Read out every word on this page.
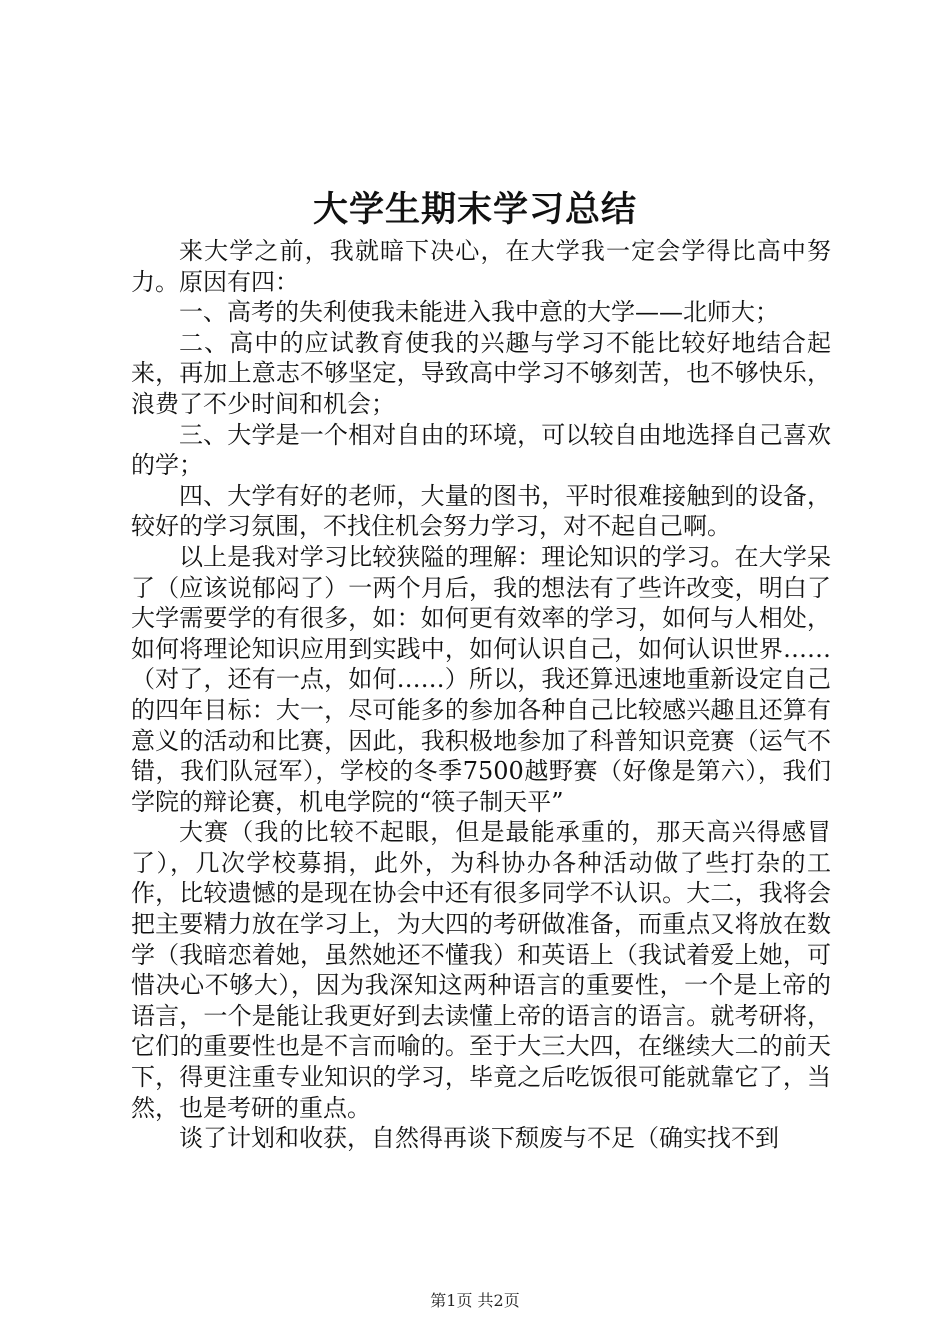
大学生期末学习总结

来大学之前，我就暗下决心，在大学我一定会学得比高中努力。原因有四：

一、高考的失利使我未能进入我中意的大学——北师大；

二、高中的应试教育使我的兴趣与学习不能比较好地结合起来，再加上意志不够坚定，导致高中学习不够刻苦，也不够快乐，浪费了不少时间和机会；

三、大学是一个相对自由的环境，可以较自由地选择自己喜欢的学；

四、大学有好的老师，大量的图书，平时很难接触到的设备，较好的学习氛围，不找住机会努力学习，对不起自己啊。

以上是我对学习比较狭隘的理解：理论知识的学习。在大学呆了（应该说郁闷了）一两个月后，我的想法有了些许改变，明白了大学需要学的有很多，如：如何更有效率的学习，如何与人相处，如何将理论知识应用到实践中，如何认识自己，如何认识世界……（对了，还有一点，如何……）所以，我还算迅速地重新设定自己的四年目标：大一，尽可能多的参加各种自己比较感兴趣且还算有意义的活动和比赛，因此，我积极地参加了科普知识竞赛（运气不错，我们队冠军），学校的冬季7500越野赛（好像是第六），我们学院的辩论赛，机电学院的“筷子制天平”

大赛（我的比较不起眼，但是最能承重的，那天高兴得感冒了），几次学校募捐，此外，为科协办各种活动做了些打杂的工作，比较遗憾的是现在协会中还有很多同学不认识。大二，我将会把主要精力放在学习上，为大四的考研做准备，而重点又将放在数学（我暗恋着她，虽然她还不懂我）和英语上（我试着爱上她，可惜决心不够大），因为我深知这两种语言的重要性，一个是上帝的语言，一个是能让我更好到去读懂上帝的语言的语言。就考研将，它们的重要性也是不言而喻的。至于大三大四，在继续大二的前天下，得更注重专业知识的学习，毕竟之后吃饭很可能就靠它了，当然，也是考研的重点。

谈了计划和收获，自然得再谈下颓废与不足（确实找不到

第1页 共2页
